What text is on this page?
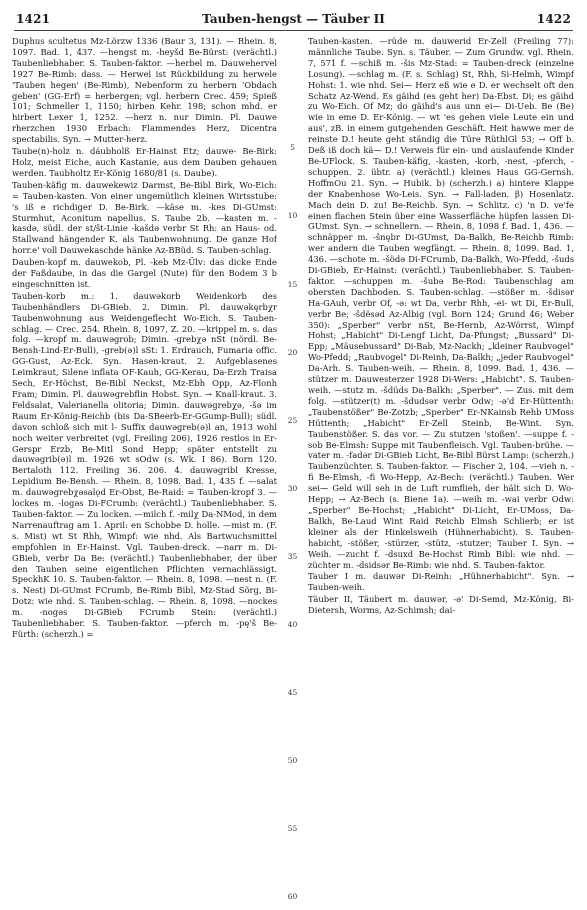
1421	Tauben-hengst — Täuber II	1422

Duphus scultetus Mz-Lörzw 1336 (Baur 3, 131). — Rhein. 8, 1097. Bad. 1, 437. —hengst m. -heyšd Be-Bürst: (verächtl.) Taubenliebhaber. S. Tauben-faktor. —herbel m. Dauwehervel 1927 Be-Rimb: dass. — Herwel ist Rückbildung zu herwele 'Tauben hegen' (Be-Rimb), Nebenform zu herbern 'Obdach geben' (GG-Erf) = herbergen; vgl. herbern Crec. 459; Spieß 101; Schmeller 1, 1150; hirben Kehr. 198; schon mhd. er hirbert Lexer 1, 1252. —herz n. nur Dimin. Pl. Dauwe rherzchen 1930 Erbach: Flammendes Herz, Dicentra spectabilis. Syn. → Mutter-herz.

Taube(n)-holz n. dáubholß Er-Hainst Etz; dauwe- Be-Birk: Holz, meist Eiche, auch Kastanie, aus dem Dauben gehauen werden. Taubholtz Er-König 1680/81 (s. Daube).

Tauben-käfig m. dauwekewiz Darmst, Be-Bibl Birk, Wo-Eich: = Tauben-kasten. Von einer ungemütlich kleinen Wirtsstube: 's iß e richdiger D. Be-Birk. —käse m. -kes Di-GUmst: Sturmhut, Aconitum napellus. S. Taube 2b. —kasten m. -kasdə, südl. der st/št-Linie -kašdə verbr St Rh: an Haus- od. Stallwand hängender K. als Taubenwohnung. De ganze Hof horr.e' voll Dauwekaschde hänke Az-BBüd. S. Tauben-schlag.

Dauben-kopf m. dauwekob, Pl. -keb Mz-Ülv: das dicke Ende der Faßdaube, in das die Gargel (Nute) für den Bodem 3 b eingeschnitten ist.

Tauben-korb m.: 1. dauwəkorb Weidenkorb des Taubenhändlers Di-GBieb. 2. Dimin. Pl. dauwəkęrbχr Taubenwohnung aus Weidengeflecht Wo-Eich. S. Tauben-schlag. — Crec. 254. Rhein. 8, 1097, Z. 20. —krippel m. s. das folg. —kropf m. dauwəgrob; Dimin. -grebχə nSt (nördl. Be-Bensh-Lind-Er-Bull), -greb(ə)l sSt: 1. Erdrauch, Fumaria offic. GG-Gust, Az-Eck. Syn. Hasen-kraut. 2. Aufgeblasenes Leimkraut, Silene inflata OF-Kauh, GG-Kerau, Da-Erzh Traisa Sech, Er-Höchst, Be-Bibl Neckst, Mz-Ebh Opp, Az-Flonh Fram; Dimin. Pl. dauwəgrebflin Hobst. Syn. → Knall-kraut. 3. Feldsalat, Valerianella olitoria; Dimin. dauwəgrebχə, -šə im Raum Er-König-Reichb (bis Da-SBeerb-Er-GGump-Bull); südl. davon schloß sich mit l- Suffix dauwəgreb(ə)l an, 1913 wohl noch weiter verbreitet (vgl. Freiling 206), 1926 restlos in Er-Gerspr Erzb, Be-Mitl Sond Hepp; später entstellt zu dauwəgrib(ə)l m. 1926 wt sOdw (s. Wk. I 86). Born 120. Bertaloth 112. Freiling 36. 206. 4. dauwəgribl Kresse, Lepidium Be-Bensh. — Rhein. 8, 1098. Bad. 1, 435 f. —salat m. dauwəgrebχəsalǫd Er-Obst, Be-Raid: = Tauben-kropf 3. —lockes m. -logəs Di-FCrumb: (verächtl.) Taubenliebhaber. S. Tauben-faktor. — Zu locken. —milch f. -milχ Da-NMod, in dem Narrenauftrag am 1. April: en Schobbe D. holle. —mist m. (F. s. Mist) wt St Rhh, Wimpf: wie nhd. Als Bartwuchsmittel empfohlen in Er-Hainst. Vgl. Tauben-dreck. —narr m. Di-GBieb, verbr Da Be: (verächtl.) Taubenliebhaber, der über den Tauben seine eigentlichen Pflichten vernachlässigt. SpeckhK 10. S. Tauben-faktor. — Rhein. 8, 1098. —nest n. (F. s. Nest) Di-GUmst FCrumb, Be-Rimb Bibl, Mz-Stad Sörg, Bi-Dotz: wie nhd. S. Tauben-schlag. — Rhein. 8, 1098. —nockes m. -nogəs Di-GBieb FCrumb Stein: (verächtl.) Taubenliebhaber. S. Tauben-faktor. —pferch m. -pę'š Be-Fürth: (scherzh.) =

5
10
15
20
25
30
35
40
45
50
55
60

Tauben-kasten. —rüde m. dauwerid Er-Zell (Freiling 77): männliche Taube. Syn. s. Täuber. — Zum Grundw. vgl. Rhein. 7, 571 f. —schiß m. -šis Mz-Stad: = Tauben-dreck (einzelne Losung). —schlag m. (F. s. Schlag) St, Rhh, Si-Helmh, Wimpf Hohst: 1. wie nhd. Sei⁓ Herz eß wie e D. er wechselt oft den Schatz Az-Wend. Es gäihd (es geht her) Da-Ebst. Di; es gäihd zu Wo-Eich. Of Mz; do gäihd's aus unn ei⁓ Di-Ueb. Be (Be) wie in eme D. Er-König. — wt 'es gehen viele Leute ein und aus', zB. in einem gutgehenden Geschäft. Heit hawwe mer de reinste D.! heute geht ständig die Türe RüthlGl 53; → Off b. Deß iß doch kä⁓ D.! Verweis für ein- und auslaufende Kinder Be-UFlock. S. Tauben-käfig, -kasten, -korb, -nest, -pferch, -schuppen. 2. übtr. a) (verächtl.) kleines Haus GG-Gernsh. HoffmOu 21. Syn. → Hubik. b) (scherzh.) a) hintere Klappe der Knabenhose Wo-Leis. Syn. → Fall-laden. β) Hosenlatz. Mach dein D. zu! Be-Reichb. Syn. → Schlitz. c) 'n D. ve'fe einen flachen Stein über eine Wasserfläche hüpfen lassen Di-GUmst. Syn. → schnellern. — Rhein. 8, 1098 f. Bad. 1, 436. —schnäpper m. -šnębr Di-GUmst, Da-Balkh, Be-Reichb Rimb: wer andern die Tauben wegfängt. — Rhein. 8, 1099. Bad. 1, 436. —schote m. -šödə Di-FCrumb, Da-Balkh, Wo-Pfedd, -šuds Di-GBieb, Er-Hainst: (verächtl.) Taubenliebhaber. S. Tauben-faktor. —schuppen m. -šubə Be-Rod: Taubenschlag am obersten Dachboden. S. Tauben-schlag. —stößer m. -šdisər Ha-GAuh, verbr Of, -ə: wt Da, verbr Rhh, -ei- wt Di, Er-Bull, verbr Be; -šdësəd Az-Albig (vgl. Born 124; Grund 46; Weber 350): „Sperber" verbr nSt, Be-Hernb, Az-Wörrst, Wimpf Hohst; „Habicht" Di-Lengf Licht, Da-Pfungst; „Bussard" Di-Epp; „Mäusebussard" Di-Bab, Mz-Nackh; „kleiner Raubvogel" Wo-Pfedd; „Raubvogel" Di-Reinh, Da-Balkh; „jeder Raubvogel" Da-Arh. S. Tauben-weih. — Rhein. 8, 1099. Bad. 1, 436. —stützer m. Dauwesterzer 1928 Di-Wers: „Habicht". S. Tauben-weih. —stutz m. -šdüds Da-Balkh: „Sperber". — Zus. mit dem folg. —stützer(t) m. -šdudsər verbr Odw; -ə'd Er-Hüttenth: „Taubenstößer" Be-Zotzb; „Sperber" Er-NKainsb Rehb UMoss Hüttenth; „Habicht" Er-Zell Steinb, Be-Wint. Syn. Taubenstößer. S. das vor. — Zu stutzen 'stoßen'. —suppe f. -sob Be-Elmsh: Suppe mit Taubenfleisch. Vgl. Tauben-brühe. —vater m. -fadər Di-GBieb Licht, Be-Bibl Bürst Lamp: (scherzh.) Taubenzüchter. S. Tauben-faktor. — Fischer 2, 104. —vieh n. -fi Be-Elmsh, -fi Wo-Hepp, Az-Bech: (verächtl.) Tauben. Wer sei⁓ Geld will seh in de Luft rumflieh, der hält sich D. Wo-Hepp; → Az-Bech (s. Biene 1a). —weih m. -wai verbr Odw: „Sperber" Be-Hochst; „Habicht" Di-Licht, Er-UMoss, Da-Balkh, Be-Laud Wint Raid Reichb Elmsh Schlierb; er ist kleiner als der Hinkelsweih (Hühnerhabicht). S. Tauben-habicht, -stößer, -stürzer, -stütz, -stutzer; Tauber I. Syn. → Weih. —zucht f. -dsuxd Be-Hochst Rimb Bibl: wie nhd. —züchter m. -dsidsər Be-Rimb: wie nhd. S. Tauben-faktor.

Tauber I m. dauwər Di-Reinh: „Hühnerhabicht". Syn. → Tauben-weih.

Täuber II, Täubert m. dauwər, -ə' Di-Semd, Mz-König, Bi-Dietersh, Worms, Az-Schimsh; dai-
